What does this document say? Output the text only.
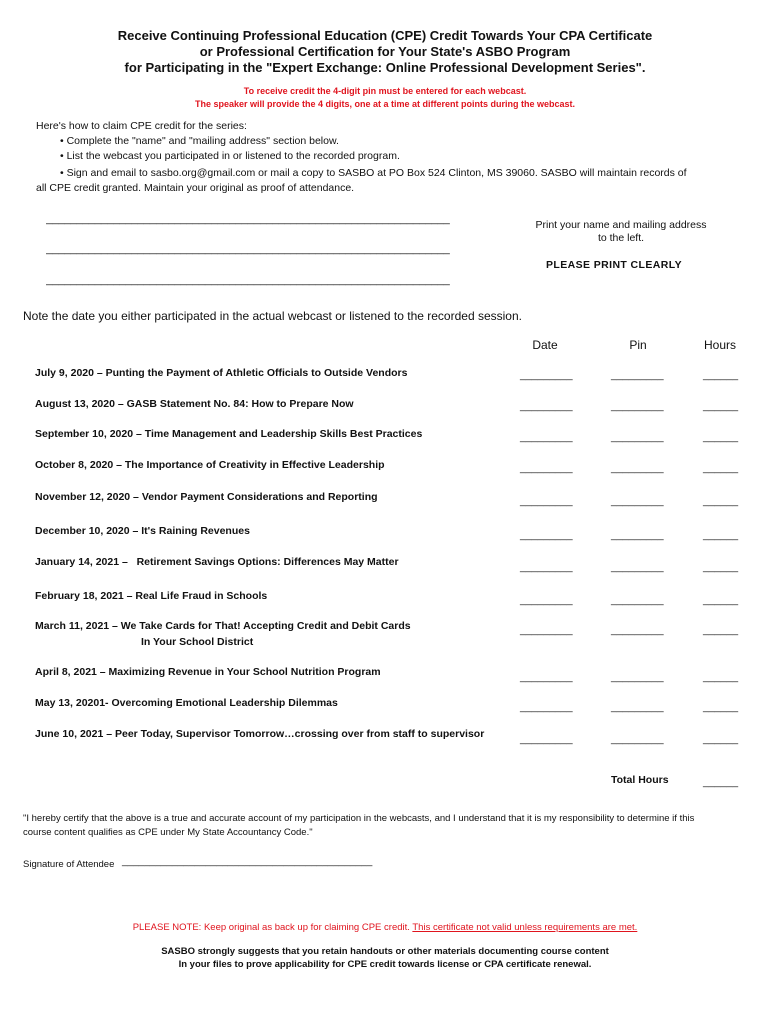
Receive Continuing Professional Education (CPE) Credit Towards Your CPA Certificate
or Professional Certification for Your State's ASBO Program
for Participating in the "Expert Exchange: Online Professional Development Series".
To receive credit the 4-digit pin must be entered for each webcast.
The speaker will provide the 4 digits, one at a time at different points during the webcast.
Here's how to claim CPE credit for the series:
• Complete the "name" and "mailing address" section below.
• List the webcast you participated in or listened to the recorded program.
• Sign and email to sasbo.org@gmail.com or mail a copy to SASBO at PO Box 524 Clinton, MS 39060. SASBO will maintain records of
all CPE credit granted. Maintain your original as proof of attendance.
__________________________________________________________________
__________________________________________________________________
__________________________________________________________________
Print your name and mailing address
to the left.
PLEASE PRINT CLEARLY
Note the date you either participated in the actual webcast or listened to the recorded session.
Date	Pin	Hours
July 9, 2020 – Punting the Payment of Athletic Officials to Outside Vendors	_________	_________	______
August 13, 2020 – GASB Statement No. 84: How to Prepare Now	_________	_________	______
September 10, 2020 – Time Management and Leadership Skills Best Practices	_________	_________	______
October 8, 2020 – The Importance of Creativity in Effective Leadership	_________	_________	______
November 12, 2020 – Vendor Payment Considerations and Reporting	_________	_________	______
December 10, 2020 – It's Raining Revenues	_________	_________	______
January 14, 2021 –   Retirement Savings Options: Differences May Matter	_________	_________	______
February 18, 2021 – Real Life Fraud in Schools	_________	_________	______
March 11, 2021 – We Take Cards for That! Accepting Credit and Debit Cards
In Your School District
_________	_________	______
April 8, 2021 – Maximizing Revenue in Your School Nutrition Program	_________	_________	______
May 13, 20201- Overcoming Emotional Leadership Dilemmas	_________	_________	______
June 10, 2021 – Peer Today, Supervisor Tomorrow…crossing over from staff to supervisor	_________	_________	______
Total Hours	______
"I hereby certify that the above is a true and accurate account of my participation in the webcasts, and I understand that it is my responsibility to determine if this
course content qualifies as CPE under My State Accountancy Code."
Signature of Attendee _____________________________________________
PLEASE NOTE: Keep original as back up for claiming CPE credit. This certificate not valid unless requirements are met.
SASBO strongly suggests that you retain handouts or other materials documenting course content
In your files to prove applicability for CPE credit towards license or CPA certificate renewal.
